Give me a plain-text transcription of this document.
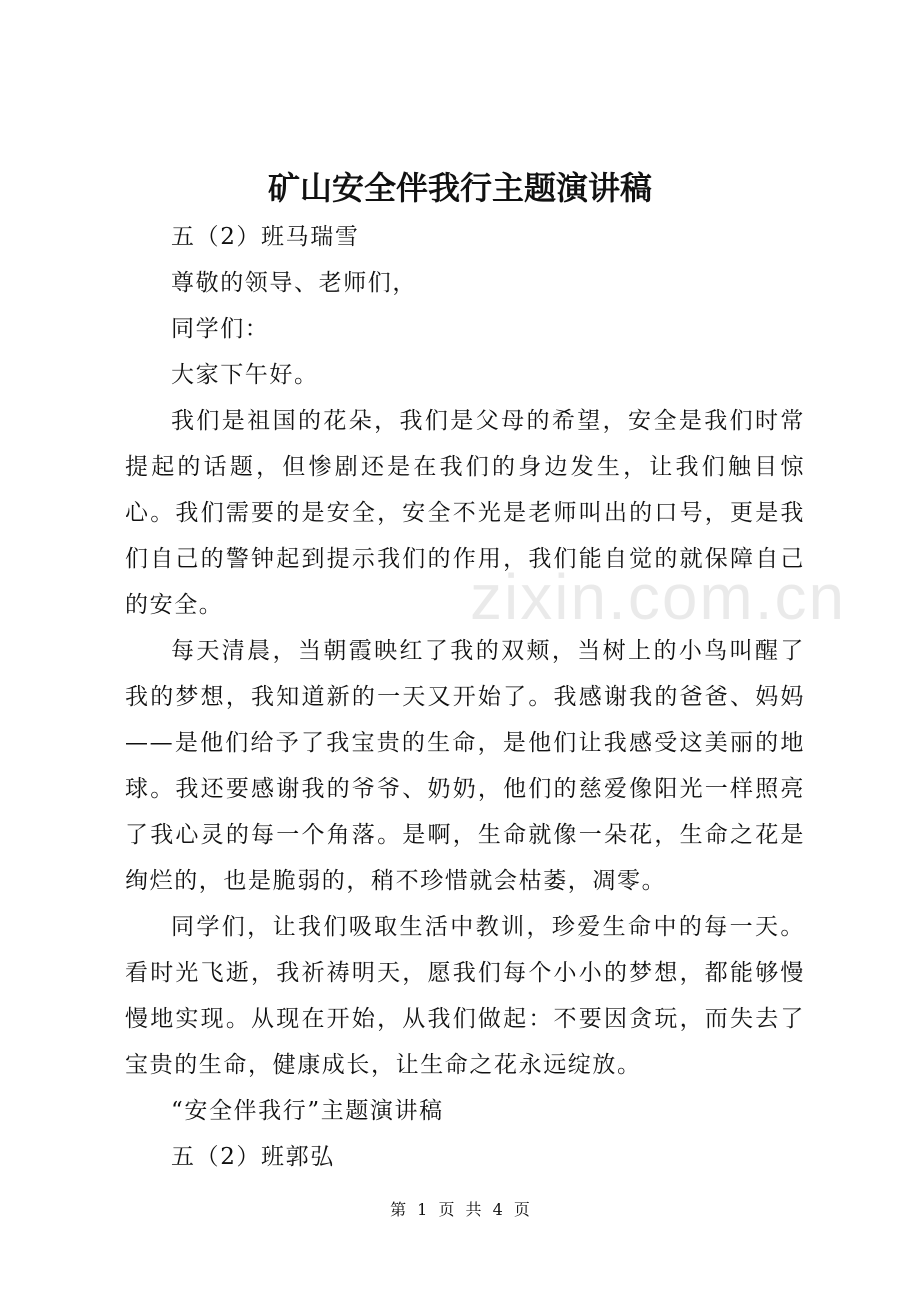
zixin.com.cn
矿山安全伴我行主题演讲稿

五（2）班马瑞雪

尊敬的领导、老师们，

同学们：

大家下午好。

我们是祖国的花朵，我们是父母的希望，安全是我们时常提起的话题，但惨剧还是在我们的身边发生，让我们触目惊心。我们需要的是安全，安全不光是老师叫出的口号，更是我们自己的警钟起到提示我们的作用，我们能自觉的就保障自己的安全。

每天清晨，当朝霞映红了我的双颊，当树上的小鸟叫醒了我的梦想，我知道新的一天又开始了。我感谢我的爸爸、妈妈——是他们给予了我宝贵的生命，是他们让我感受这美丽的地球。我还要感谢我的爷爷、奶奶，他们的慈爱像阳光一样照亮了我心灵的每一个角落。是啊，生命就像一朵花，生命之花是绚烂的，也是脆弱的，稍不珍惜就会枯萎，凋零。

同学们，让我们吸取生活中教训，珍爱生命中的每一天。看时光飞逝，我祈祷明天，愿我们每个小小的梦想，都能够慢慢地实现。从现在开始，从我们做起：不要因贪玩，而失去了宝贵的生命，健康成长，让生命之花永远绽放。

“安全伴我行”主题演讲稿

五（2）班郭弘

第 1 页 共 4 页
